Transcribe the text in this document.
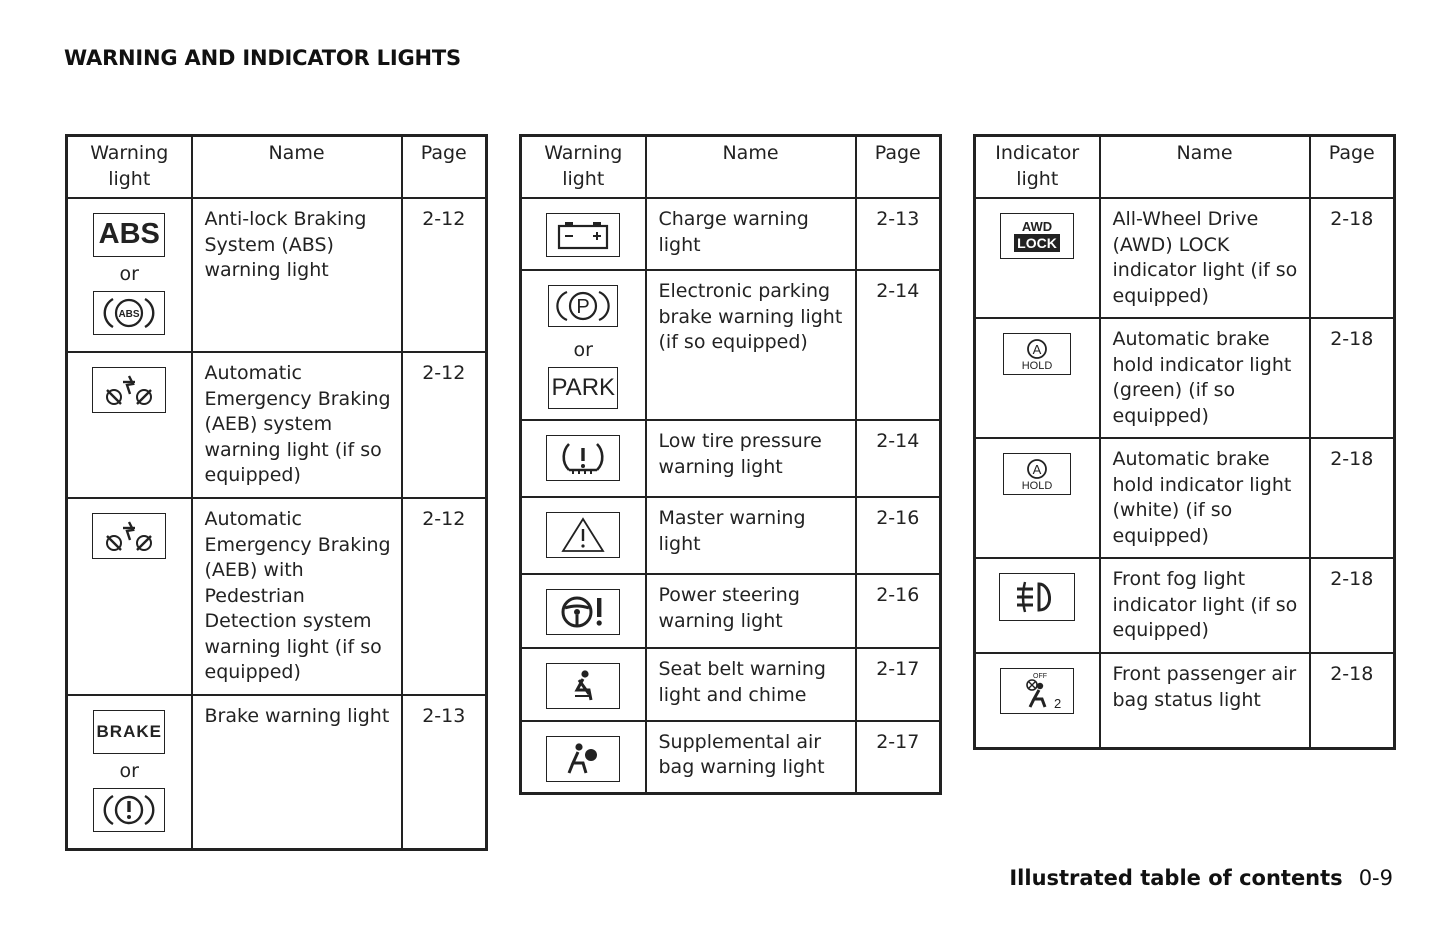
WARNING AND INDICATOR LIGHTS
Warning light	Name	Page

ABS
or
ABS	Anti-lock Braking System (ABS) warning light	2-12

	Automatic Emergency Braking (AEB) system warning light (if so equipped)	2-12

	Automatic Emergency Braking (AEB) with Pedestrian Detection system warning light (if so equipped)	2-12

BRAKE
or	Brake warning light	2-13
Warning light	Name	Page

	Charge warning light	2-13

P
or
PARK	Electronic parking brake warning light (if so equipped)	2-14

	Low tire pressure warning light	2-14

	Master warning light	2-16

	Power steering warning light	2-16

	Seat belt warning light and chime	2-17

	Supplemental air bag warning light	2-17
Indicator light	Name	Page

AWD
LOCK	All-Wheel Drive (AWD) LOCK indicator light (if so equipped)	2-18

A
HOLD	Automatic brake hold indicator light (green) (if so equipped)	2-18

A
HOLD	Automatic brake hold indicator light (white) (if so equipped)	2-18

	Front fog light indicator light (if so equipped)	2-18

OFF
2	Front passenger air bag status light	2-18
Illustrated table of contents 0-9
